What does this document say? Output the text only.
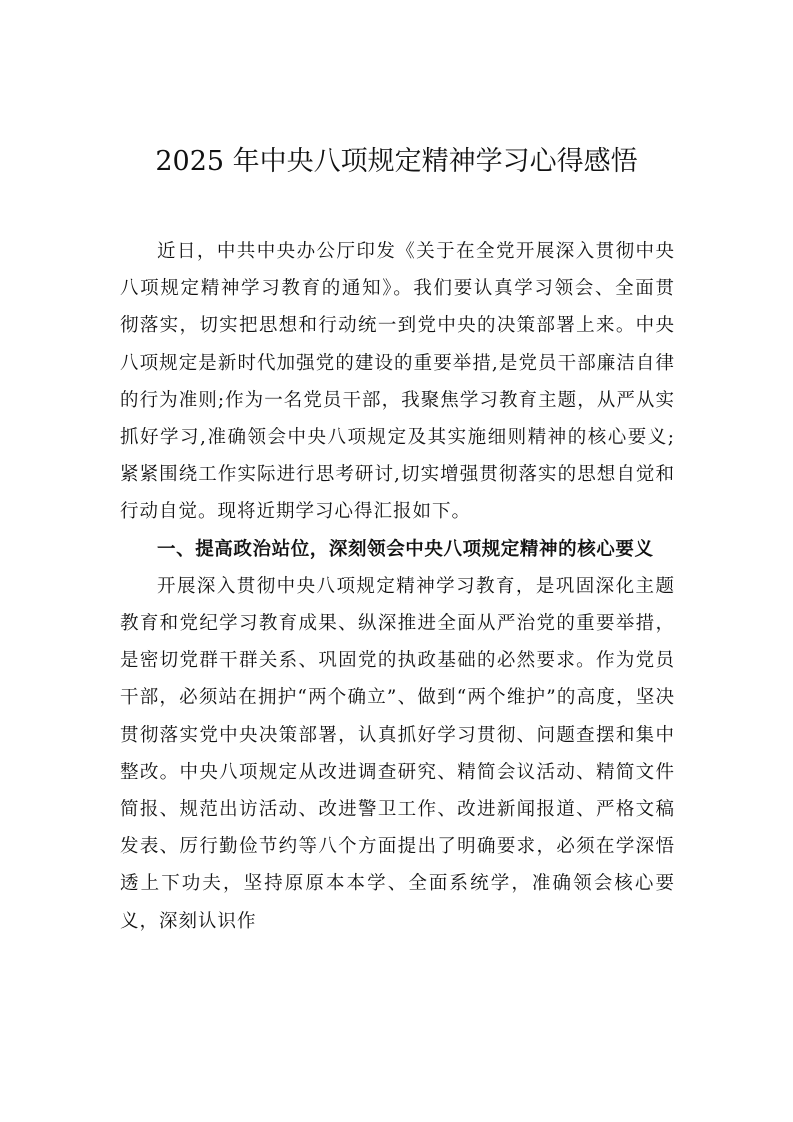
2025 年中央八项规定精神学习心得感悟

近日，中共中央办公厅印发《关于在全党开展深入贯彻中央八项规定精神学习教育的通知》。我们要认真学习领会、全面贯彻落实，切实把思想和行动统一到党中央的决策部署上来。中央八项规定是新时代加强党的建设的重要举措,是党员干部廉洁自律的行为准则;作为一名党员干部，我聚焦学习教育主题，从严从实抓好学习,准确领会中央八项规定及其实施细则精神的核心要义;紧紧围绕工作实际进行思考研讨,切实增强贯彻落实的思想自觉和行动自觉。现将近期学习心得汇报如下。

一、提高政治站位，深刻领会中央八项规定精神的核心要义

开展深入贯彻中央八项规定精神学习教育，是巩固深化主题教育和党纪学习教育成果、纵深推进全面从严治党的重要举措，是密切党群干群关系、巩固党的执政基础的必然要求。作为党员干部，必须站在拥护“两个确立”、做到“两个维护”的高度，坚决贯彻落实党中央决策部署，认真抓好学习贯彻、问题查摆和集中整改。中央八项规定从改进调查研究、精简会议活动、精简文件简报、规范出访活动、改进警卫工作、改进新闻报道、严格文稿发表、厉行勤俭节约等八个方面提出了明确要求，必须在学深悟透上下功夫，坚持原原本本学、全面系统学，准确领会核心要义，深刻认识作
